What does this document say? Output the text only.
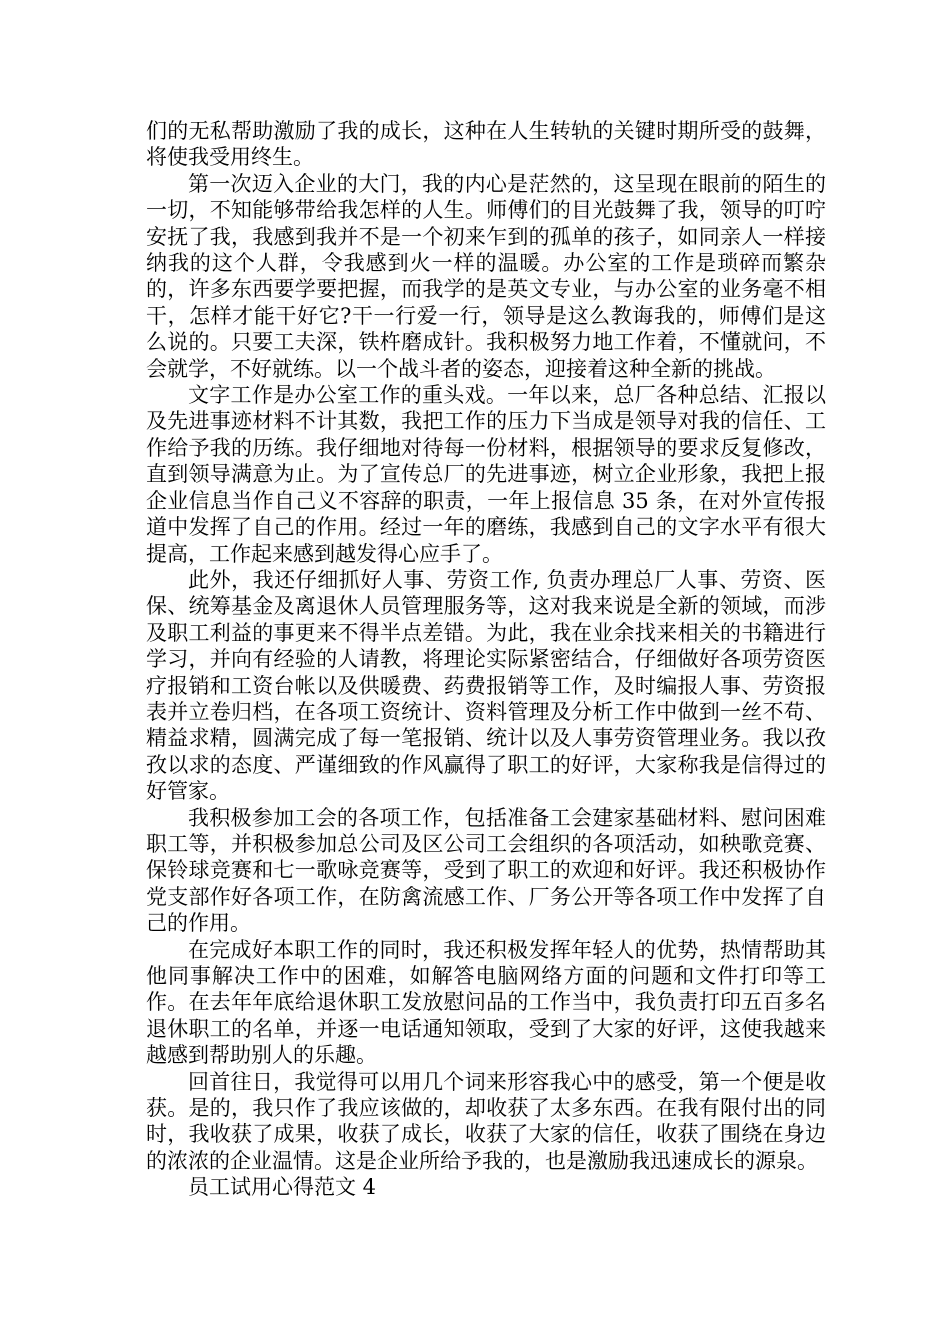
们的无私帮助激励了我的成长，这种在人生转轨的关键时期所受的鼓舞，将使我受用终生。

第一次迈入企业的大门，我的内心是茫然的，这呈现在眼前的陌生的一切，不知能够带给我怎样的人生。师傅们的目光鼓舞了我，领导的叮咛安抚了我，我感到我并不是一个初来乍到的孤单的孩子，如同亲人一样接纳我的这个人群，令我感到火一样的温暖。办公室的工作是琐碎而繁杂的，许多东西要学要把握，而我学的是英文专业，与办公室的业务毫不相干，怎样才能干好它?干一行爱一行，领导是这么教诲我的，师傅们是这么说的。只要工夫深，铁杵磨成针。我积极努力地工作着，不懂就问，不会就学，不好就练。以一个战斗者的姿态，迎接着这种全新的挑战。

文字工作是办公室工作的重头戏。一年以来，总厂各种总结、汇报以及先进事迹材料不计其数，我把工作的压力下当成是领导对我的信任、工作给予我的历练。我仔细地对待每一份材料，根据领导的要求反复修改，直到领导满意为止。为了宣传总厂的先进事迹，树立企业形象，我把上报企业信息当作自己义不容辞的职责，一年上报信息 35 条，在对外宣传报道中发挥了自己的作用。经过一年的磨练，我感到自己的文字水平有很大提高，工作起来感到越发得心应手了。

此外，我还仔细抓好人事、劳资工作, 负责办理总厂人事、劳资、医保、统筹基金及离退休人员管理服务等，这对我来说是全新的领域，而涉及职工利益的事更来不得半点差错。为此，我在业余找来相关的书籍进行学习，并向有经验的人请教，将理论实际紧密结合，仔细做好各项劳资医疗报销和工资台帐以及供暖费、药费报销等工作，及时编报人事、劳资报表并立卷归档，在各项工资统计、资料管理及分析工作中做到一丝不苟、精益求精，圆满完成了每一笔报销、统计以及人事劳资管理业务。我以孜孜以求的态度、严谨细致的作风赢得了职工的好评，大家称我是信得过的好管家。

我积极参加工会的各项工作，包括准备工会建家基础材料、慰问困难职工等，并积极参加总公司及区公司工会组织的各项活动，如秧歌竞赛、保铃球竞赛和七一歌咏竞赛等，受到了职工的欢迎和好评。我还积极协作党支部作好各项工作，在防禽流感工作、厂务公开等各项工作中发挥了自己的作用。

在完成好本职工作的同时，我还积极发挥年轻人的优势，热情帮助其他同事解决工作中的困难，如解答电脑网络方面的问题和文件打印等工作。在去年年底给退休职工发放慰问品的工作当中，我负责打印五百多名退休职工的名单，并逐一电话通知领取，受到了大家的好评，这使我越来越感到帮助别人的乐趣。

回首往日，我觉得可以用几个词来形容我心中的感受，第一个便是收获。是的，我只作了我应该做的，却收获了太多东西。在我有限付出的同时，我收获了成果，收获了成长，收获了大家的信任，收获了围绕在身边的浓浓的企业温情。这是企业所给予我的，也是激励我迅速成长的源泉。

员工试用心得范文 4
